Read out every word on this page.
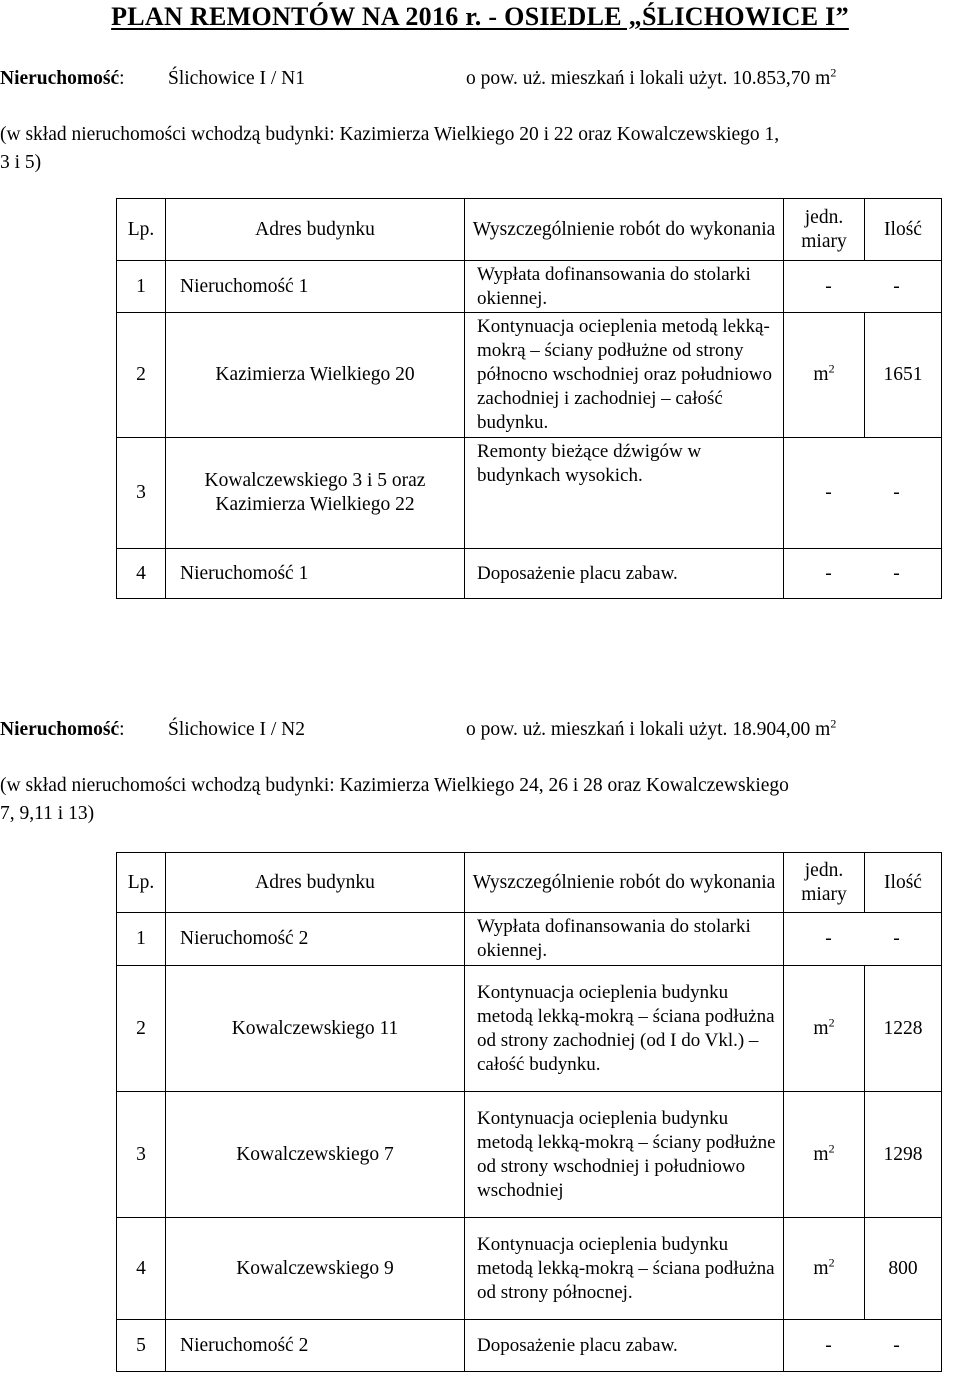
PLAN REMONTÓW NA 2016 r. - OSIEDLE „ŚLICHOWICE I”
Nieruchomość: Ślichowice I / N1	o pow. uż. mieszkań i lokali użyt. 10.853,70 $m^2$
(w skład nieruchomości wchodzą budynki: Kazimierza Wielkiego 20 i 22 oraz Kowalczewskiego 1,
3 i 5)
Lp.	Adres budynku	Wyszczególnienie robót do wykonania	jedn. miary	Ilość
1	Nieruchomość 1	Wypłata dofinansowania do stolarki okiennej.	- -	
2	Kazimierza Wielkiego 20	Kontynuacja ocieplenia metodą lekką-mokrą – ściany podłużne od strony północno wschodniej oraz południowo zachodniej i zachodniej – całość budynku.	$m^2$	1651
3	Kowalczewskiego 3 i 5 oraz Kazimierza Wielkiego 22	Remonty bieżące dźwigów w budynkach wysokich.	- -	
4	Nieruchomość 1	Doposażenie placu zabaw.	- -	
Nieruchomość: Ślichowice I / N2	o pow. uż. mieszkań i lokali użyt. 18.904,00 $m^2$
(w skład nieruchomości wchodzą budynki: Kazimierza Wielkiego 24, 26 i 28 oraz Kowalczewskiego
7, 9,11 i 13)
Lp.	Adres budynku	Wyszczególnienie robót do wykonania	jedn. miary	Ilość
1	Nieruchomość 2	Wypłata dofinansowania do stolarki okiennej.	- -	
2	Kowalczewskiego 11	Kontynuacja ocieplenia budynku metodą lekką-mokrą – ściana podłużna od strony zachodniej (od I do Vkl.) – całość budynku.	$m^2$	1228
3	Kowalczewskiego 7	Kontynuacja ocieplenia budynku metodą lekką-mokrą – ściany podłużne od strony wschodniej i południowo wschodniej	$m^2$	1298
4	Kowalczewskiego 9	Kontynuacja ocieplenia budynku metodą lekką-mokrą – ściana podłużna od strony północnej.	$m^2$	800
5	Nieruchomość 2	Doposażenie placu zabaw.	- -	
